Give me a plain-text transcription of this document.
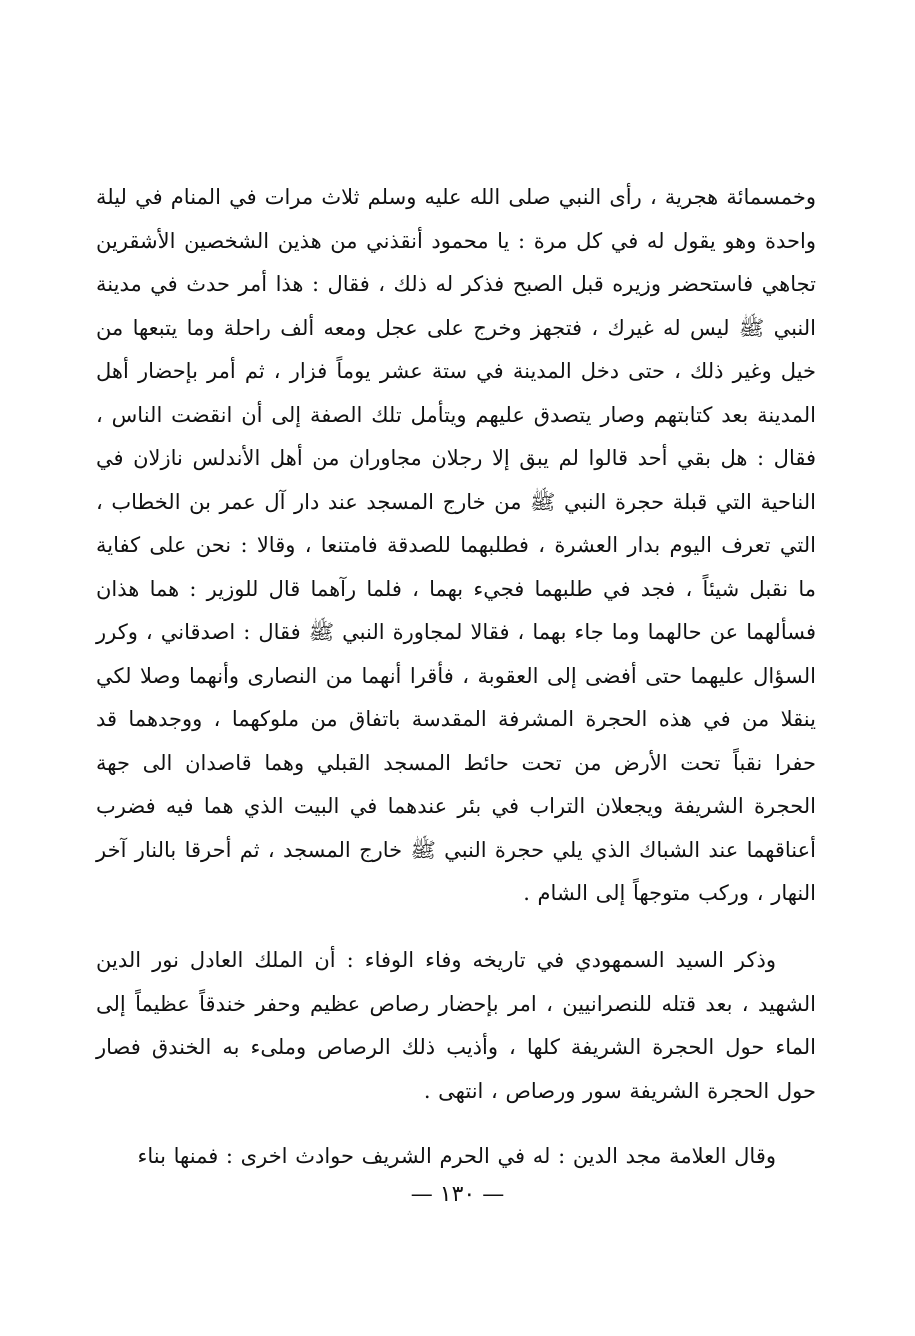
وخمسمائة هجرية ، رأى النبي صلى الله عليه وسلم ثلاث مرات في المنام في ليلة واحدة وهو يقول له في كل مرة : يا محمود أنقذني من هذين الشخصين الأشقرين تجاهي فاستحضر وزيره قبل الصبح فذكر له ذلك ، فقال : هذا أمر حدث في مدينة النبي ﷺ ليس له غيرك ، فتجهز وخرج على عجل ومعه ألف راحلة وما يتبعها من خيل وغير ذلك ، حتى دخل المدينة في ستة عشر يوماً فزار ، ثم أمر بإحضار أهل المدينة بعد كتابتهم وصار يتصدق عليهم ويتأمل تلك الصفة إلى أن انقضت الناس ، فقال : هل بقي أحد قالوا لم يبق إلا رجلان مجاوران من أهل الأندلس نازلان في الناحية التي قبلة حجرة النبي ﷺ من خارج المسجد عند دار آل عمر بن الخطاب ، التي تعرف اليوم بدار العشرة ، فطلبهما للصدقة فامتنعا ، وقالا : نحن على كفاية ما نقبل شيئاً ، فجد في طلبهما فجيء بهما ، فلما رآهما قال للوزير : هما هذان فسألهما عن حالهما وما جاء بهما ، فقالا لمجاورة النبي ﷺ فقال : اصدقاني ، وكرر السؤال عليهما حتى أفضى إلى العقوبة ، فأقرا أنهما من النصارى وأنهما وصلا لكي ينقلا من في هذه الحجرة المشرفة المقدسة باتفاق من ملوكهما ، ووجدهما قد حفرا نقباً تحت الأرض من تحت حائط المسجد القبلي وهما قاصدان الى جهة الحجرة الشريفة ويجعلان التراب في بئر عندهما في البيت الذي هما فيه فضرب أعناقهما عند الشباك الذي يلي حجرة النبي ﷺ خارج المسجد ، ثم أحرقا بالنار آخر النهار ، وركب متوجهاً إلى الشام .

وذكر السيد السمهودي في تاريخه وفاء الوفاء : أن الملك العادل نور الدين الشهيد ، بعد قتله للنصرانيين ، امر بإحضار رصاص عظيم وحفر خندقاً عظيماً إلى الماء حول الحجرة الشريفة كلها ، وأذيب ذلك الرصاص وملىء به الخندق فصار حول الحجرة الشريفة سور ورصاص ، انتهى .

وقال العلامة مجد الدين : له في الحرم الشريف حوادث اخرى : فمنها بناء

— ١٣٠ —
